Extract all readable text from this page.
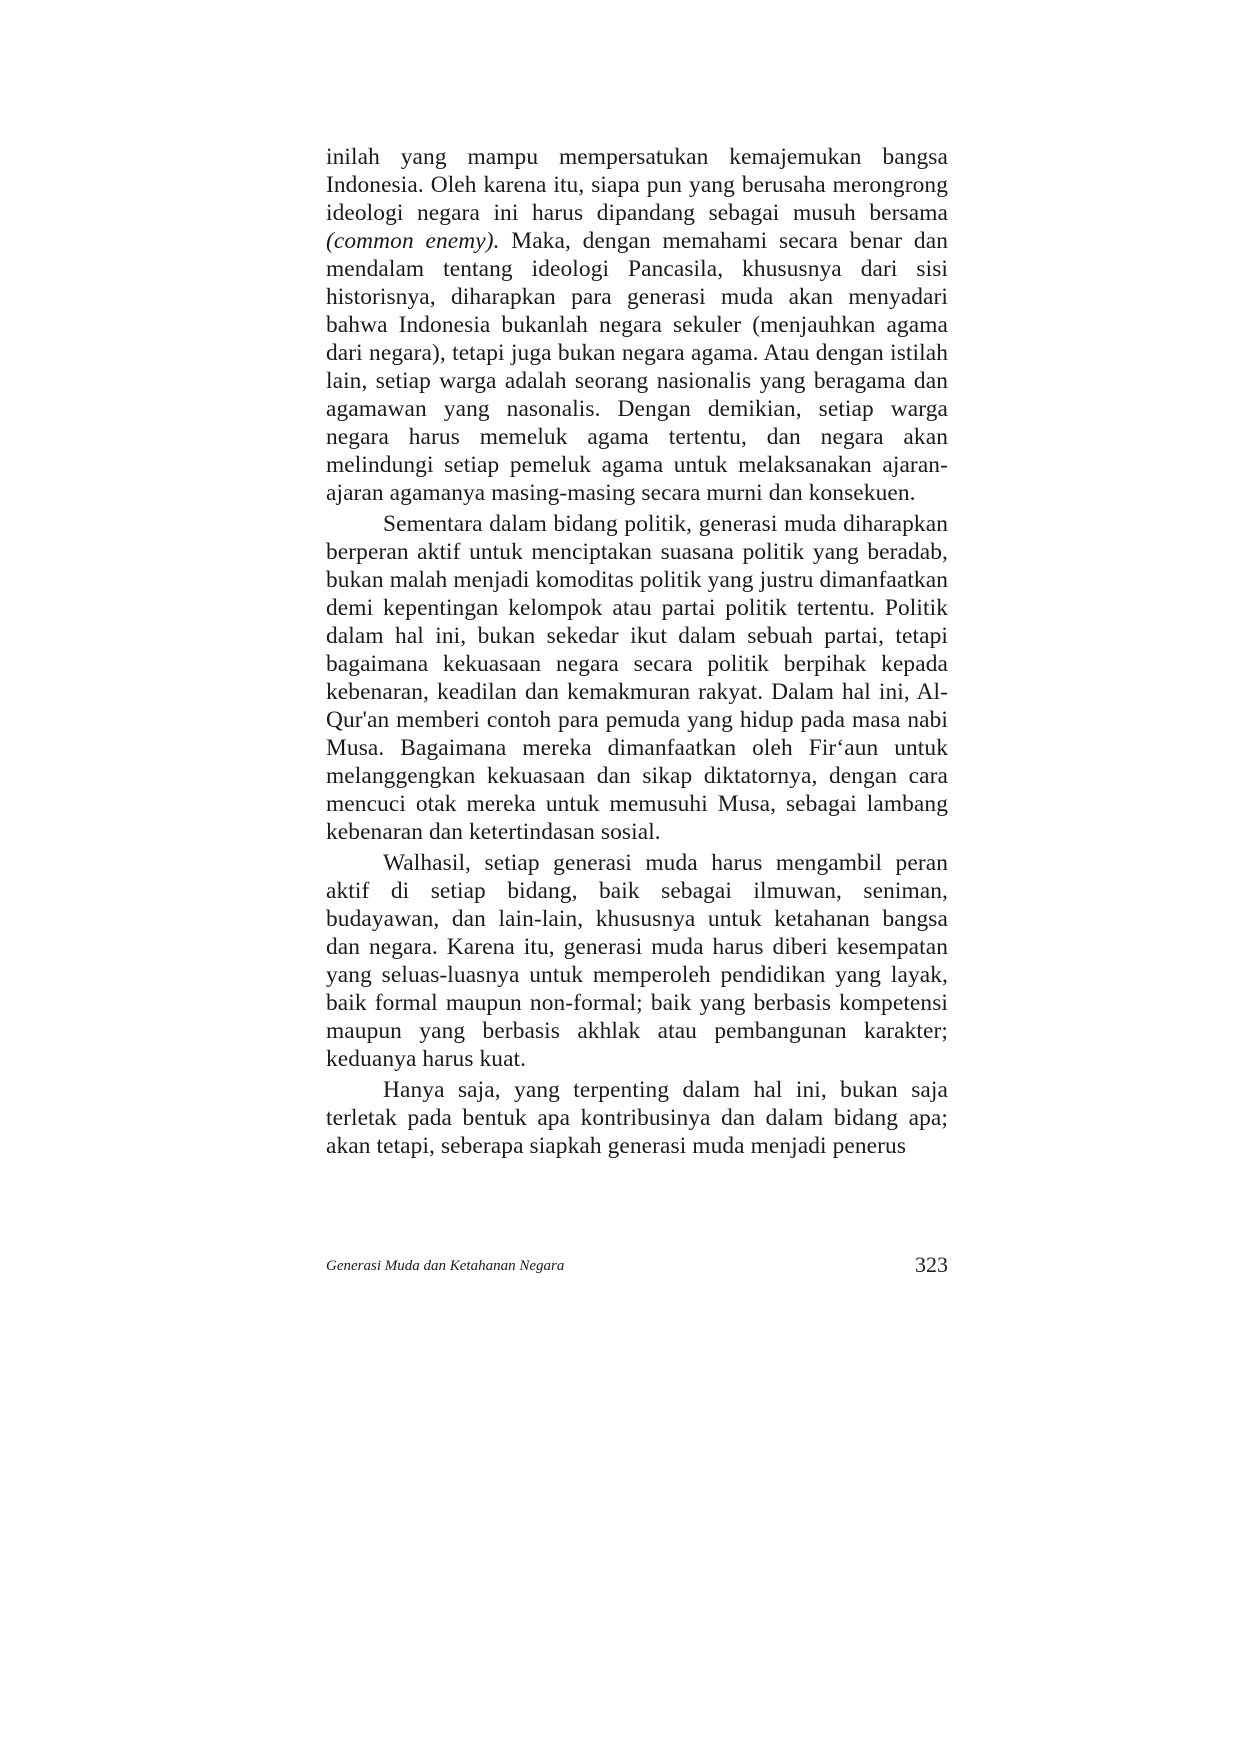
inilah yang mampu mempersatukan kemajemukan bangsa Indonesia. Oleh karena itu, siapa pun yang berusaha merongrong ideologi negara ini harus dipandang sebagai musuh bersama (common enemy). Maka, dengan memahami secara benar dan mendalam tentang ideologi Pancasila, khususnya dari sisi historisnya, diharapkan para generasi muda akan menyadari bahwa Indonesia bukanlah negara sekuler (menjauhkan agama dari negara), tetapi juga bukan negara agama. Atau dengan istilah lain, setiap warga adalah seorang nasionalis yang beragama dan agamawan yang nasonalis. Dengan demikian, setiap warga negara harus memeluk agama tertentu, dan negara akan melindungi setiap pemeluk agama untuk melaksanakan ajaran-ajaran agamanya masing-masing secara murni dan konsekuen.

Sementara dalam bidang politik, generasi muda diharapkan berperan aktif untuk menciptakan suasana politik yang beradab, bukan malah menjadi komoditas politik yang justru dimanfaatkan demi kepentingan kelompok atau partai politik tertentu. Politik dalam hal ini, bukan sekedar ikut dalam sebuah partai, tetapi bagaimana kekuasaan negara secara politik berpihak kepada kebenaran, keadilan dan kemakmuran rakyat. Dalam hal ini, Al-Qur'an memberi contoh para pemuda yang hidup pada masa nabi Musa. Bagaimana mereka dimanfaatkan oleh Fir‘aun untuk melanggengkan kekuasaan dan sikap diktatornya, dengan cara mencuci otak mereka untuk memusuhi Musa, sebagai lambang kebenaran dan ketertindasan sosial.

Walhasil, setiap generasi muda harus mengambil peran aktif di setiap bidang, baik sebagai ilmuwan, seniman, budayawan, dan lain-lain, khususnya untuk ketahanan bangsa dan negara. Karena itu, generasi muda harus diberi kesempatan yang seluas-luasnya untuk memperoleh pendidikan yang layak, baik formal maupun non-formal; baik yang berbasis kompetensi maupun yang berbasis akhlak atau pembangunan karakter; keduanya harus kuat.

Hanya saja, yang terpenting dalam hal ini, bukan saja terletak pada bentuk apa kontribusinya dan dalam bidang apa; akan tetapi, seberapa siapkah generasi muda menjadi penerus

Generasi Muda dan Ketahanan Negara	323
